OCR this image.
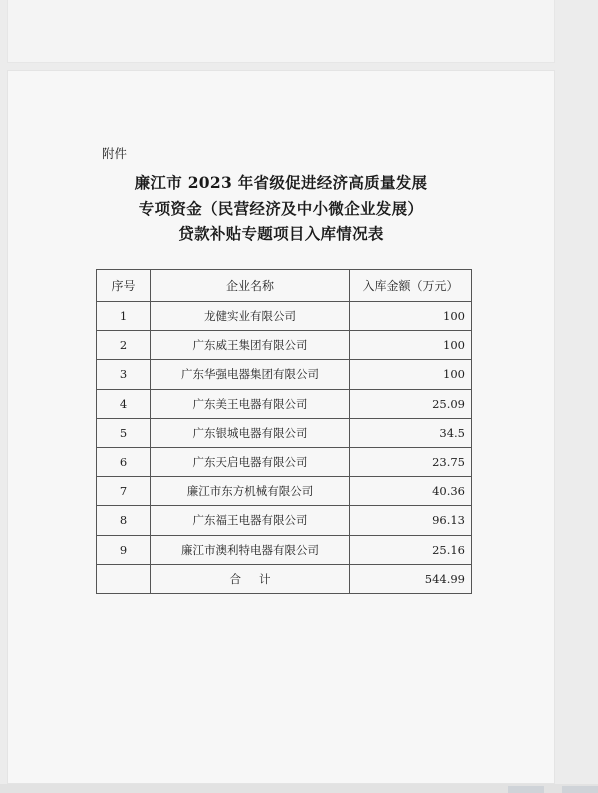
附件
廉江市 2023 年省级促进经济高质量发展
专项资金（民营经济及中小微企业发展）
贷款补贴专题项目入库情况表
序号	企业名称	入库金额（万元）
1	龙健实业有限公司	100
2	广东威王集团有限公司	100
3	广东华强电器集团有限公司	100
4	广东美王电器有限公司	25.09
5	广东银城电器有限公司	34.5
6	广东天启电器有限公司	23.75
7	廉江市东方机械有限公司	40.36
8	广东福王电器有限公司	96.13
9	廉江市澳利特电器有限公司	25.16
	合计	544.99
